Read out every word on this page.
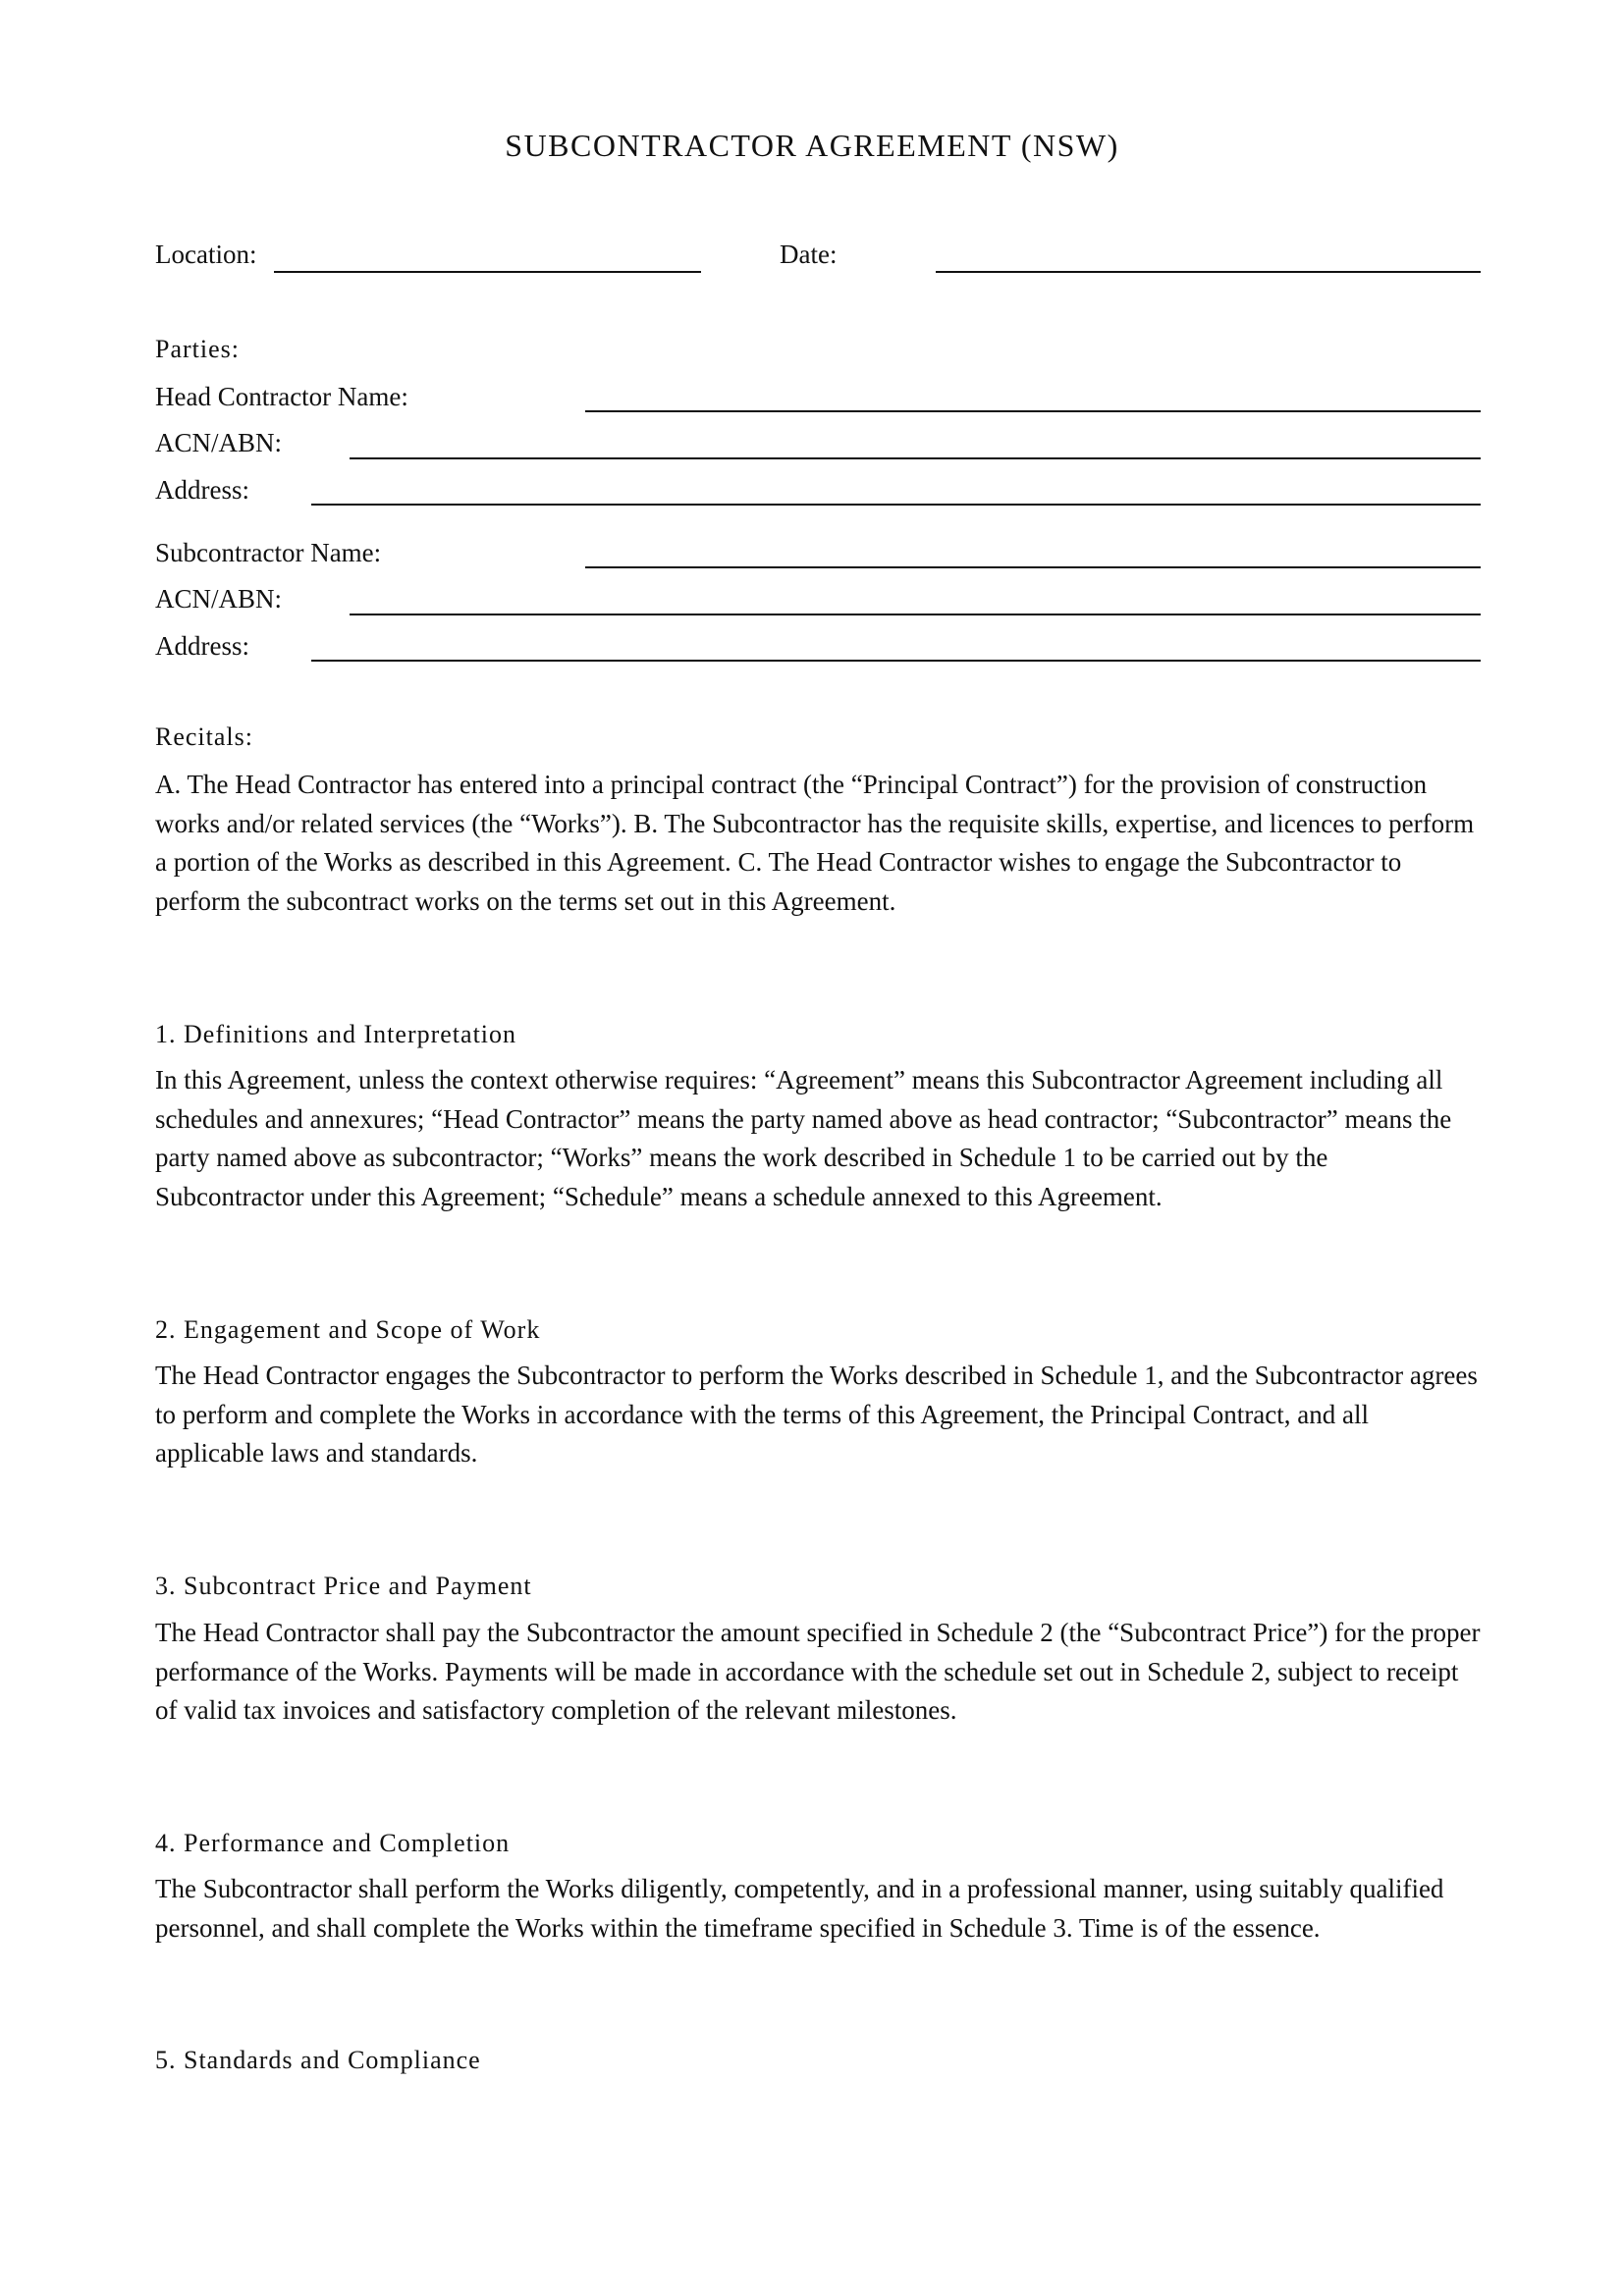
SUBCONTRACTOR AGREEMENT (NSW)
Location:	Date:
Parties:
Head Contractor Name:
ACN/ABN:
Address:
Subcontractor Name:
ACN/ABN:
Address:
Recitals:
A. The Head Contractor has entered into a principal contract (the “Principal Contract”) for the provision of construction works and/or related services (the “Works”). B. The Subcontractor has the requisite skills, expertise, and licences to perform a portion of the Works as described in this Agreement. C. The Head Contractor wishes to engage the Subcontractor to perform the subcontract works on the terms set out in this Agreement.
1. Definitions and Interpretation
In this Agreement, unless the context otherwise requires: “Agreement” means this Subcontractor Agreement including all schedules and annexures; “Head Contractor” means the party named above as head contractor; “Subcontractor” means the party named above as subcontractor; “Works” means the work described in Schedule 1 to be carried out by the Subcontractor under this Agreement; “Schedule” means a schedule annexed to this Agreement.
2. Engagement and Scope of Work
The Head Contractor engages the Subcontractor to perform the Works described in Schedule 1, and the Subcontractor agrees to perform and complete the Works in accordance with the terms of this Agreement, the Principal Contract, and all applicable laws and standards.
3. Subcontract Price and Payment
The Head Contractor shall pay the Subcontractor the amount specified in Schedule 2 (the “Subcontract Price”) for the proper performance of the Works. Payments will be made in accordance with the schedule set out in Schedule 2, subject to receipt of valid tax invoices and satisfactory completion of the relevant milestones.
4. Performance and Completion
The Subcontractor shall perform the Works diligently, competently, and in a professional manner, using suitably qualified personnel, and shall complete the Works within the timeframe specified in Schedule 3. Time is of the essence.
5. Standards and Compliance
